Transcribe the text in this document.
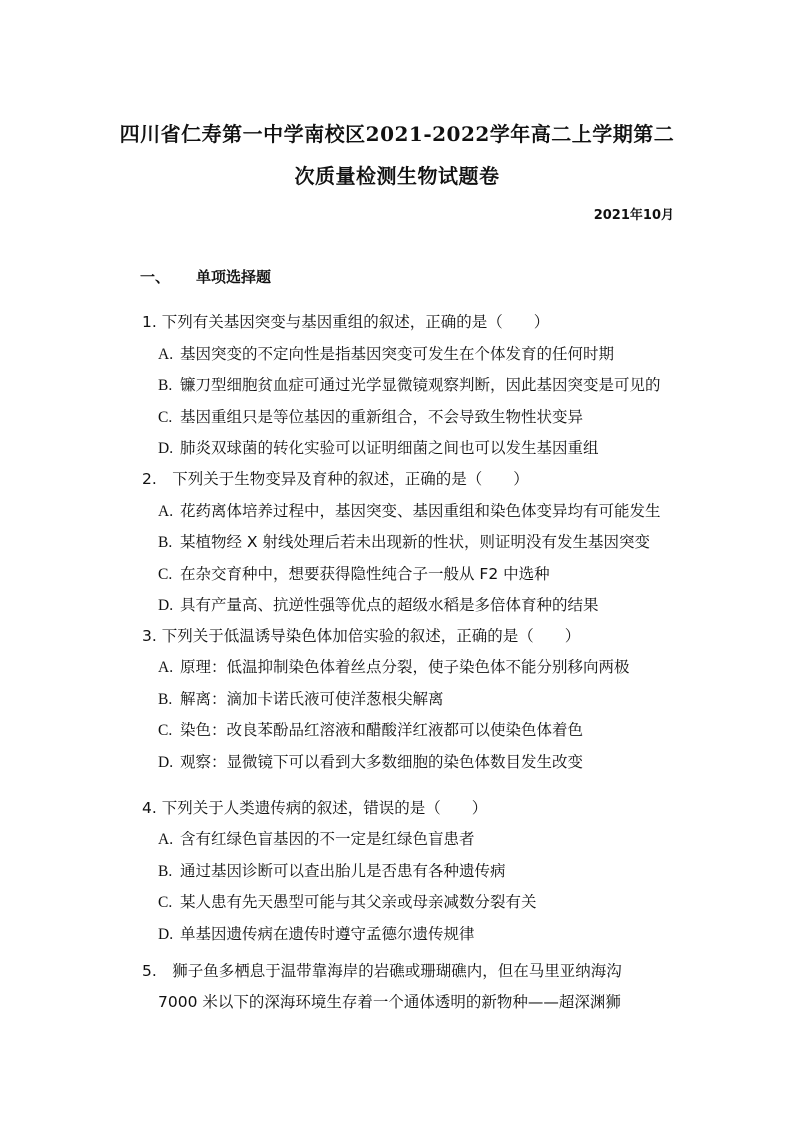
四川省仁寿第一中学南校区2021-2022学年高二上学期第二
次质量检测生物试题卷
2021年10月
一、 单项选择题
1. 下列有关基因突变与基因重组的叙述，正确的是（　　）
A. 基因突变的不定向性是指基因突变可发生在个体发育的任何时期
B. 镰刀型细胞贫血症可通过光学显微镜观察判断，因此基因突变是可见的
C. 基因重组只是等位基因的重新组合，不会导致生物性状变异
D. 肺炎双球菌的转化实验可以证明细菌之间也可以发生基因重组
2.　下列关于生物变异及育种的叙述，正确的是（　　）
A. 花药离体培养过程中，基因突变、基因重组和染色体变异均有可能发生
B. 某植物经 X 射线处理后若未出现新的性状，则证明没有发生基因突变
C. 在杂交育种中，想要获得隐性纯合子一般从 F2 中选种
D. 具有产量高、抗逆性强等优点的超级水稻是多倍体育种的结果
3. 下列关于低温诱导染色体加倍实验的叙述，正确的是（　　）
A. 原理：低温抑制染色体着丝点分裂，使子染色体不能分别移向两极
B. 解离：滴加卡诺氏液可使洋葱根尖解离
C. 染色：改良苯酚品红溶液和醋酸洋红液都可以使染色体着色
D. 观察：显微镜下可以看到大多数细胞的染色体数目发生改变
4. 下列关于人类遗传病的叙述，错误的是（　　）
A. 含有红绿色盲基因的不一定是红绿色盲患者
B. 通过基因诊断可以查出胎儿是否患有各种遗传病
C. 某人患有先天愚型可能与其父亲或母亲减数分裂有关
D. 单基因遗传病在遗传时遵守孟德尔遗传规律
5.　狮子鱼多栖息于温带靠海岸的岩礁或珊瑚礁内，但在马里亚纳海沟
7000 米以下的深海环境生存着一个通体透明的新物种——超深渊狮
